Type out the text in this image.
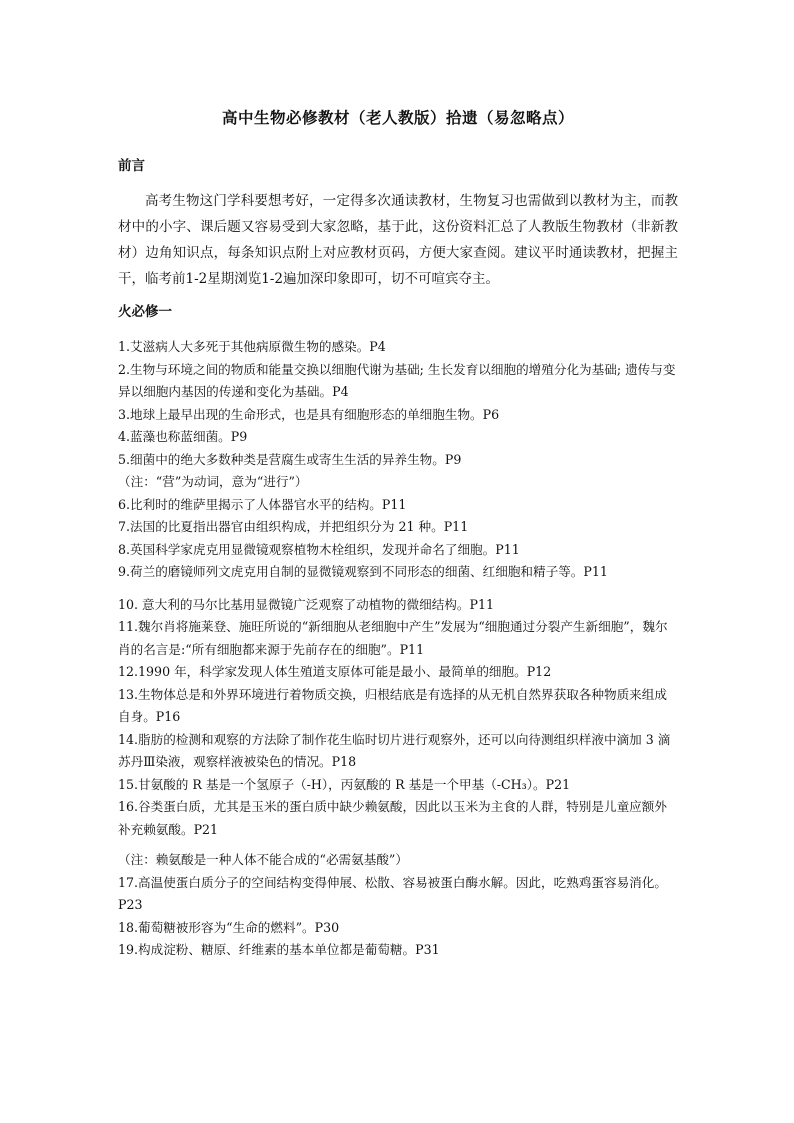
高中生物必修教材（老人教版）拾遗（易忽略点）
前言

高考生物这门学科要想考好，一定得多次通读教材，生物复习也需做到以教材为主，而教材中的小字、课后题又容易受到大家忽略，基于此，这份资料汇总了人教版生物教材（非新教材）边角知识点，每条知识点附上对应教材页码，方便大家查阅。建议平时通读教材，把握主干，临考前1-2星期浏览1-2遍加深印象即可，切不可喧宾夺主。

火必修一
1.艾滋病人大多死于其他病原微生物的感染。P4
2.生物与环境之间的物质和能量交换以细胞代谢为基础; 生长发育以细胞的增殖分化为基础; 遗传与变异以细胞内基因的传递和变化为基础。P4
3.地球上最早出现的生命形式，也是具有细胞形态的单细胞生物。P6
4.蓝藻也称蓝细菌。P9
5.细菌中的绝大多数种类是营腐生或寄生生活的异养生物。P9
（注：“营”为动词，意为“进行”）
6.比利时的维萨里揭示了人体器官水平的结构。P11
7.法国的比夏指出器官由组织构成，并把组织分为 21 种。P11
8.英国科学家虎克用显微镜观察植物木栓组织，发现并命名了细胞。P11
9.荷兰的磨镜师列文虎克用自制的显微镜观察到不同形态的细菌、红细胞和精子等。P11
10. 意大利的马尔比基用显微镜广泛观察了动植物的微细结构。P11
11.魏尔肖将施莱登、施旺所说的“新细胞从老细胞中产生”发展为“细胞通过分裂产生新细胞”，魏尔肖的名言是:“所有细胞都来源于先前存在的细胞”。P11
12.1990 年，科学家发现人体生殖道支原体可能是最小、最简单的细胞。P12
13.生物体总是和外界环境进行着物质交换，归根结底是有选择的从无机自然界获取各种物质来组成自身。P16
14.脂肪的检测和观察的方法除了制作花生临时切片进行观察外，还可以向待测组织样液中滴加 3 滴苏丹Ⅲ染液，观察样液被染色的情况。P18
15.甘氨酸的 R 基是一个氢原子（-H），丙氨酸的 R 基是一个甲基（-CH₃）。P21
16.谷类蛋白质，尤其是玉米的蛋白质中缺少赖氨酸，因此以玉米为主食的人群，特别是儿童应额外补充赖氨酸。P21
（注：赖氨酸是一种人体不能合成的“必需氨基酸”）
17.高温使蛋白质分子的空间结构变得伸展、松散、容易被蛋白酶水解。因此，吃熟鸡蛋容易消化。P23
18.葡萄糖被形容为“生命的燃料”。P30
19.构成淀粉、糖原、纤维素的基本单位都是葡萄糖。P31
